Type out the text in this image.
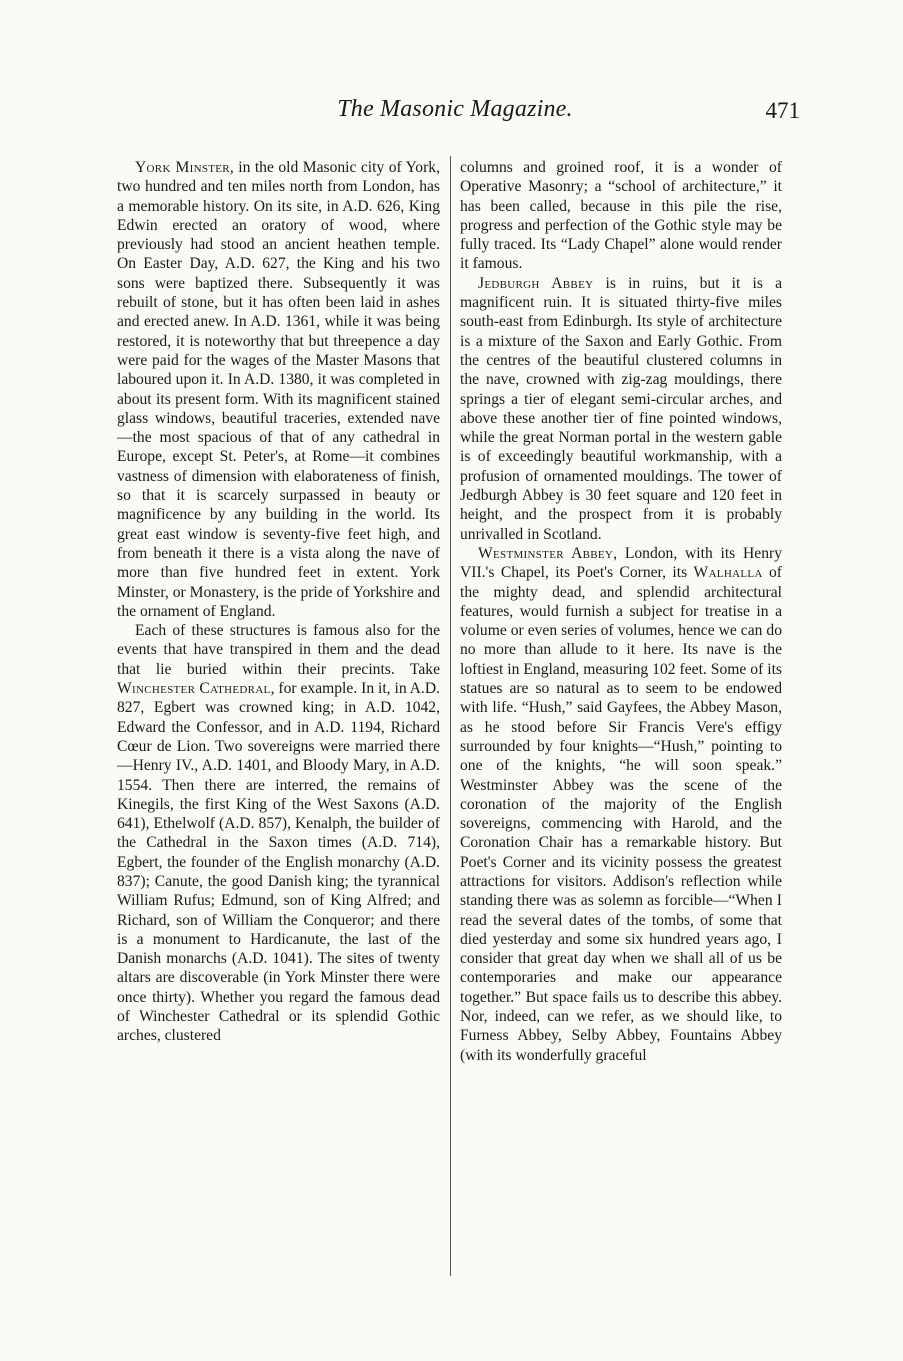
The Masonic Magazine.	471

York Minster, in the old Masonic city of York, two hundred and ten miles north from London, has a memorable history. On its site, in A.D. 626, King Edwin erected an oratory of wood, where previously had stood an ancient heathen temple. On Easter Day, A.D. 627, the King and his two sons were baptized there. Subsequently it was rebuilt of stone, but it has often been laid in ashes and erected anew. In A.D. 1361, while it was being restored, it is noteworthy that but threepence a day were paid for the wages of the Master Masons that laboured upon it. In A.D. 1380, it was completed in about its present form. With its magnificent stained glass windows, beautiful traceries, extended nave—the most spacious of that of any cathedral in Europe, except St. Peter's, at Rome—it combines vastness of dimension with elaborateness of finish, so that it is scarcely surpassed in beauty or magnificence by any building in the world. Its great east window is seventy-five feet high, and from beneath it there is a vista along the nave of more than five hundred feet in extent. York Minster, or Monastery, is the pride of Yorkshire and the ornament of England.

Each of these structures is famous also for the events that have transpired in them and the dead that lie buried within their precints. Take Winchester Cathedral, for example. In it, in A.D. 827, Egbert was crowned king; in A.D. 1042, Edward the Confessor, and in A.D. 1194, Richard Cœur de Lion. Two sovereigns were married there—Henry IV., A.D. 1401, and Bloody Mary, in A.D. 1554. Then there are interred, the remains of Kinegils, the first King of the West Saxons (A.D. 641), Ethelwolf (A.D. 857), Kenalph, the builder of the Cathedral in the Saxon times (A.D. 714), Egbert, the founder of the English monarchy (A.D. 837); Canute, the good Danish king; the tyrannical William Rufus; Edmund, son of King Alfred; and Richard, son of William the Conqueror; and there is a monument to Hardicanute, the last of the Danish monarchs (A.D. 1041). The sites of twenty altars are discoverable (in York Minster there were once thirty). Whether you regard the famous dead of Winchester Cathedral or its splendid Gothic arches, clustered

columns and groined roof, it is a wonder of Operative Masonry; a “school of architecture,” it has been called, because in this pile the rise, progress and perfection of the Gothic style may be fully traced. Its “Lady Chapel” alone would render it famous.

Jedburgh Abbey is in ruins, but it is a magnificent ruin. It is situated thirty-five miles south-east from Edinburgh. Its style of architecture is a mixture of the Saxon and Early Gothic. From the centres of the beautiful clustered columns in the nave, crowned with zig-zag mouldings, there springs a tier of elegant semi-circular arches, and above these another tier of fine pointed windows, while the great Norman portal in the western gable is of exceedingly beautiful workmanship, with a profusion of ornamented mouldings. The tower of Jedburgh Abbey is 30 feet square and 120 feet in height, and the prospect from it is probably unrivalled in Scotland.

Westminster Abbey, London, with its Henry VII.'s Chapel, its Poet's Corner, its Walhalla of the mighty dead, and splendid architectural features, would furnish a subject for treatise in a volume or even series of volumes, hence we can do no more than allude to it here. Its nave is the loftiest in England, measuring 102 feet. Some of its statues are so natural as to seem to be endowed with life. “Hush,” said Gayfees, the Abbey Mason, as he stood before Sir Francis Vere's effigy surrounded by four knights—“Hush,” pointing to one of the knights, “he will soon speak.” Westminster Abbey was the scene of the coronation of the majority of the English sovereigns, commencing with Harold, and the Coronation Chair has a remarkable history. But Poet's Corner and its vicinity possess the greatest attractions for visitors. Addison's reflection while standing there was as solemn as forcible—“When I read the several dates of the tombs, of some that died yesterday and some six hundred years ago, I consider that great day when we shall all of us be contemporaries and make our appearance together.” But space fails us to describe this abbey. Nor, indeed, can we refer, as we should like, to Furness Abbey, Selby Abbey, Fountains Abbey (with its wonderfully graceful
